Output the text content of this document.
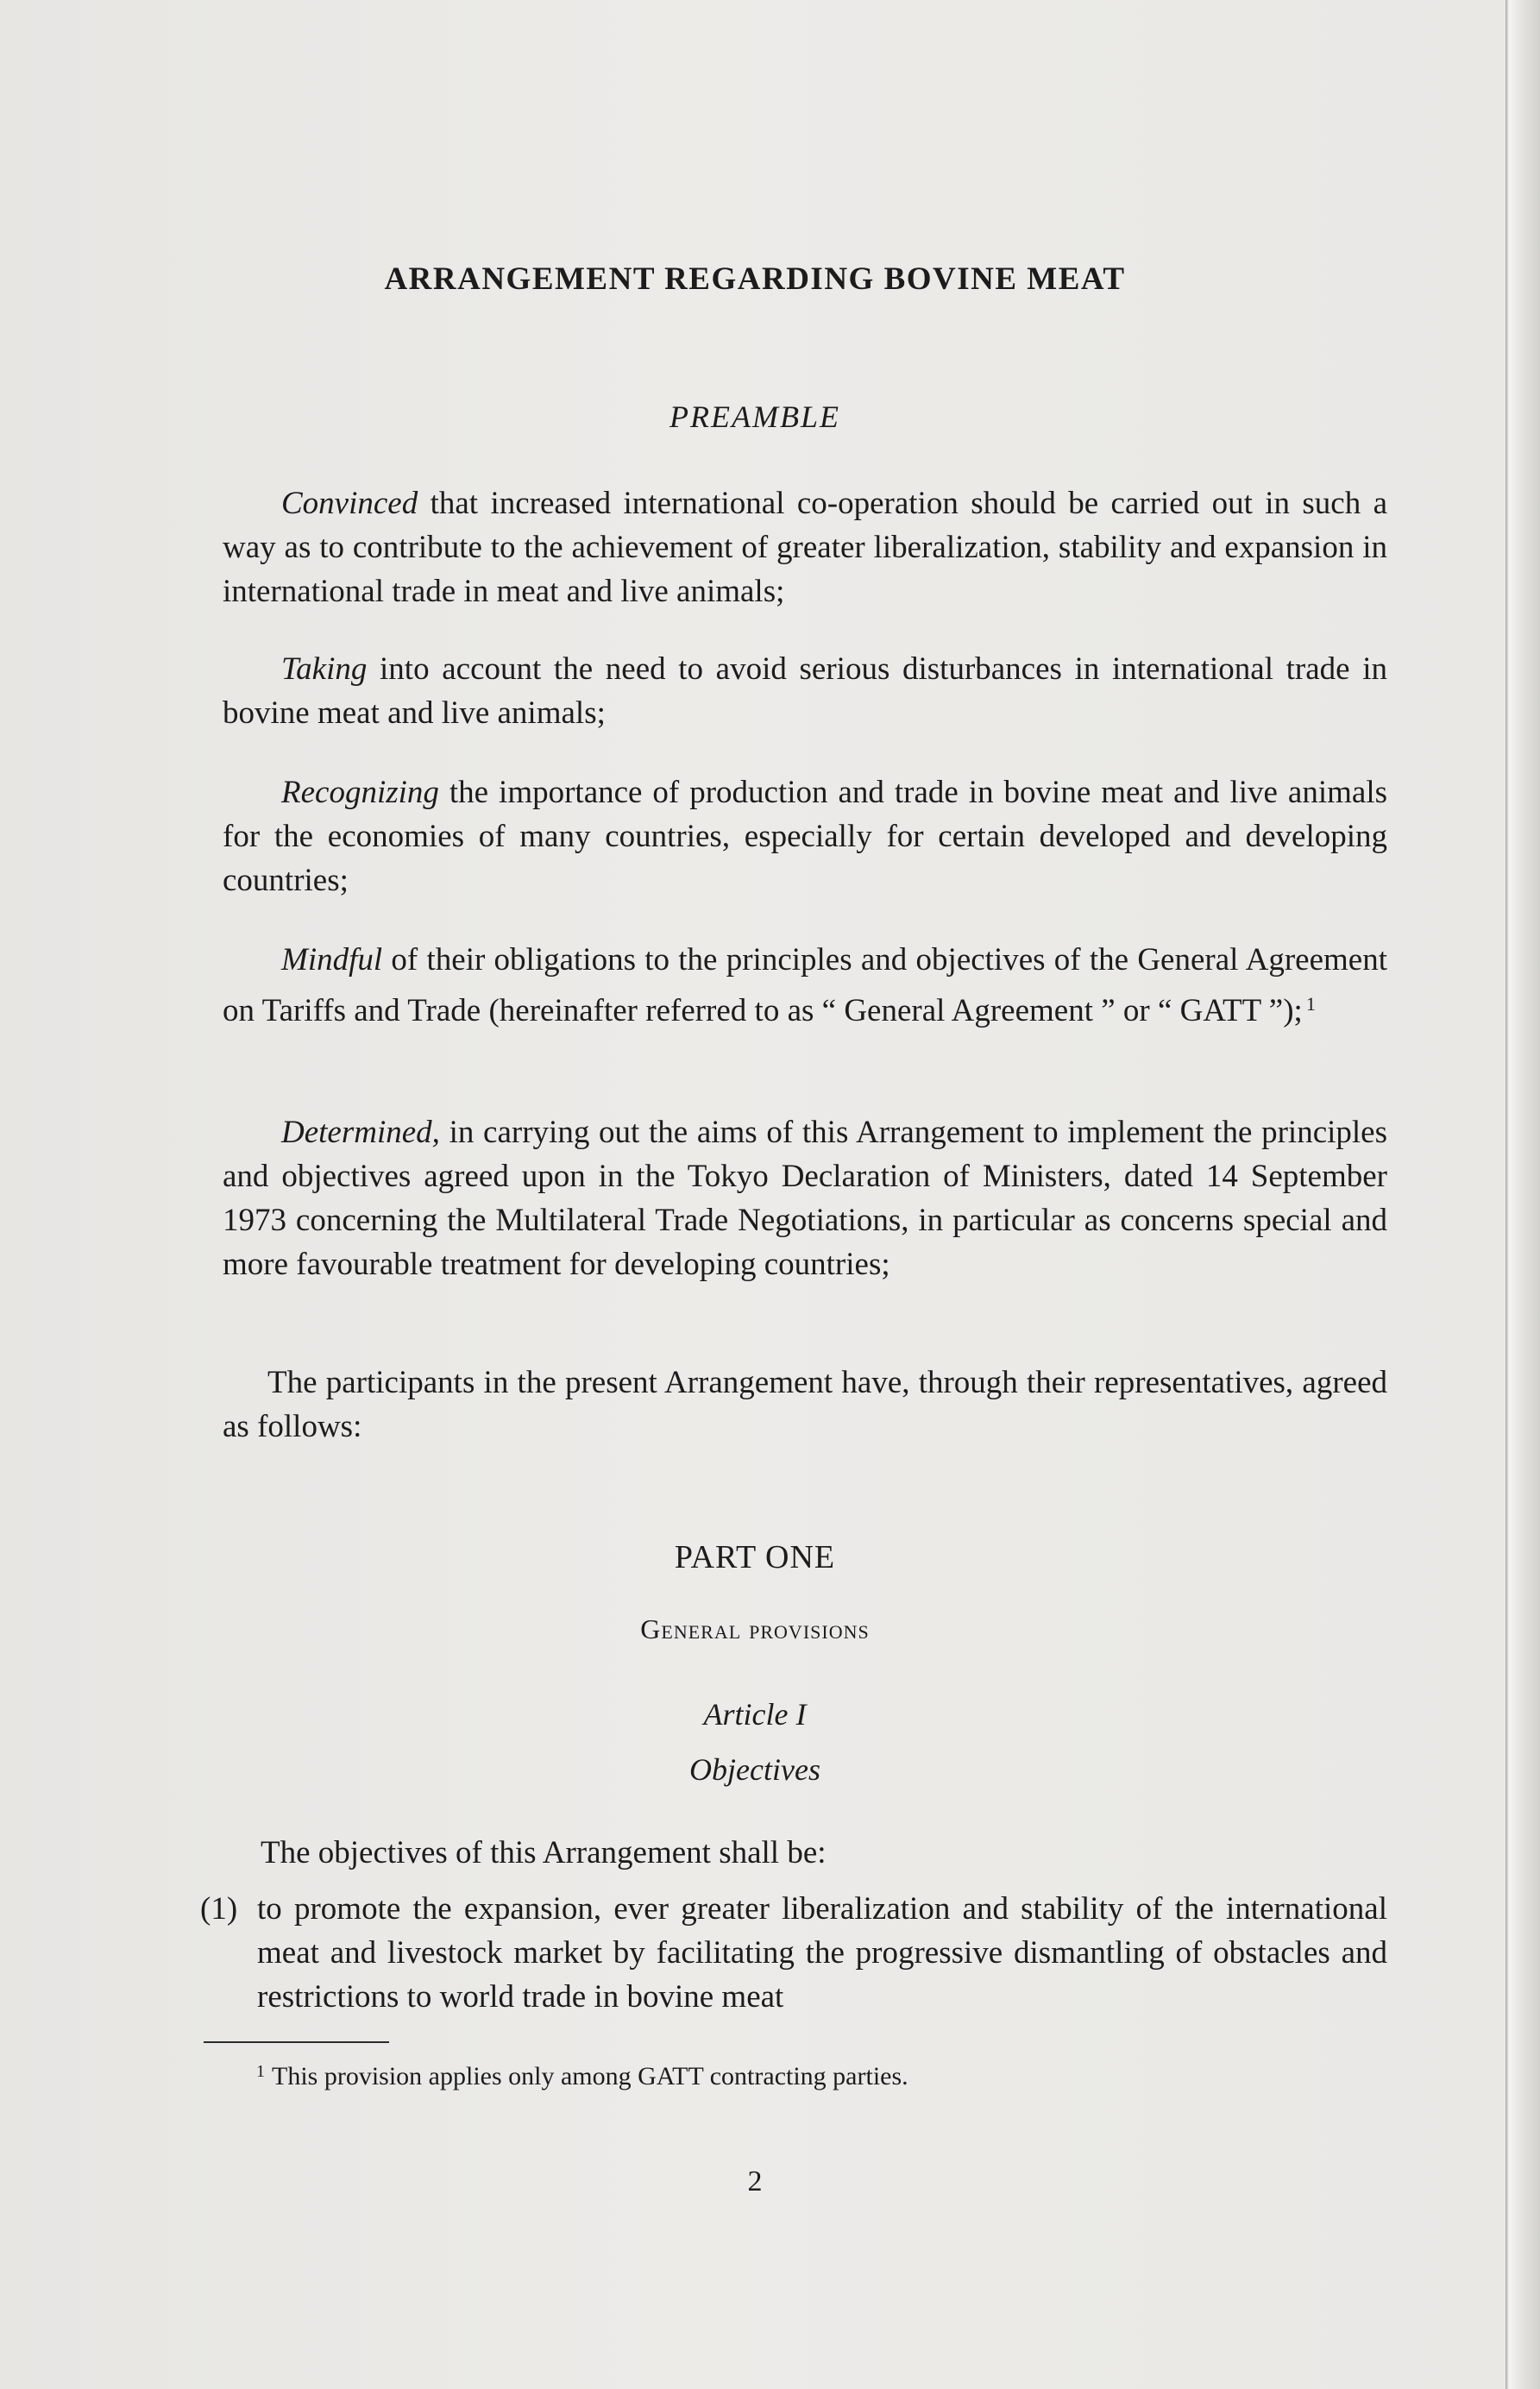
ARRANGEMENT REGARDING BOVINE MEAT
PREAMBLE
Convinced that increased international co-operation should be carried out in such a way as to contribute to the achievement of greater liberalization, stability and expansion in international trade in meat and live animals;
Taking into account the need to avoid serious disturbances in international trade in bovine meat and live animals;
Recognizing the importance of production and trade in bovine meat and live animals for the economies of many countries, especially for certain developed and developing countries;
Mindful of their obligations to the principles and objectives of the General Agreement on Tariffs and Trade (hereinafter referred to as “ General Agreement ” or “ GATT ”); $^1$
Determined, in carrying out the aims of this Arrangement to implement the principles and objectives agreed upon in the Tokyo Declaration of Ministers, dated 14 September 1973 concerning the Multilateral Trade Negotiations, in particular as concerns special and more favourable treatment for developing countries;
The participants in the present Arrangement have, through their representatives, agreed as follows:
PART ONE
General provisions
Article I
Objectives
The objectives of this Arrangement shall be:
(1) to promote the expansion, ever greater liberalization and stability of the international meat and livestock market by facilitating the progressive dismantling of obstacles and restrictions to world trade in bovine meat
$^1$ This provision applies only among GATT contracting parties.
2
